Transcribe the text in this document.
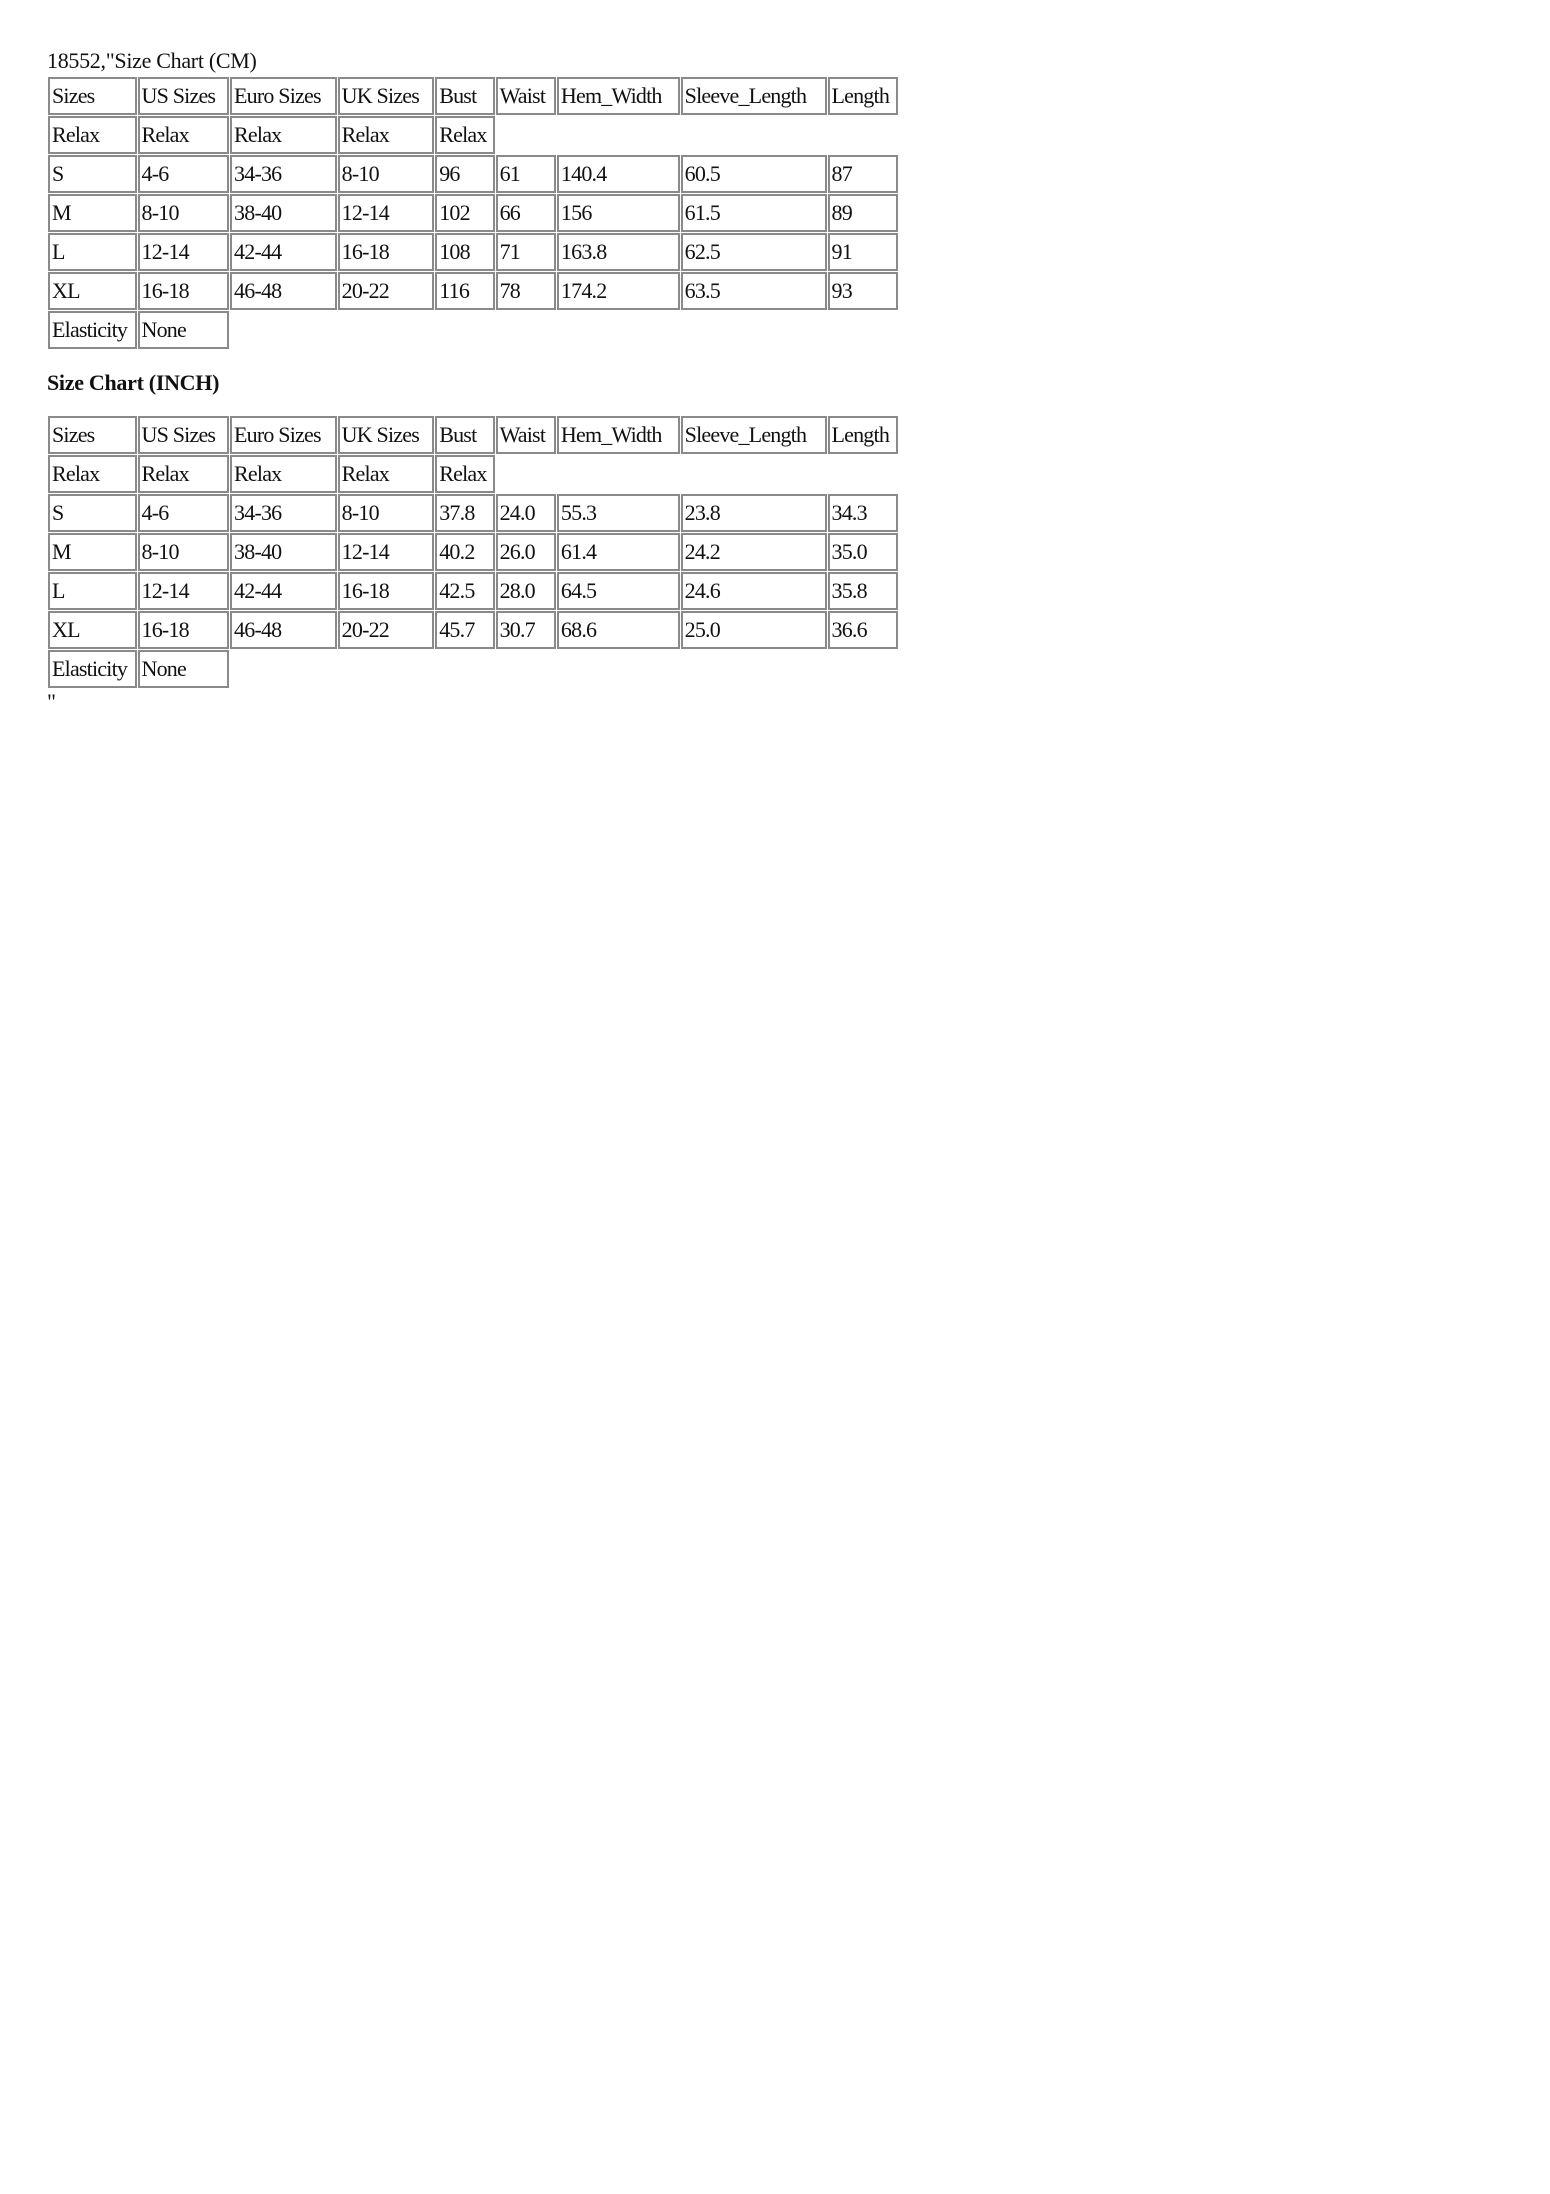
18552,"Size Chart (CM)
Sizes	US Sizes	Euro Sizes	UK Sizes	Bust	Waist	Hem_Width	Sleeve_Length	Length
Relax	Relax	Relax	Relax	Relax				
S	4-6	34-36	8-10	96	61	140.4	60.5	87
M	8-10	38-40	12-14	102	66	156	61.5	89
L	12-14	42-44	16-18	108	71	163.8	62.5	91
XL	16-18	46-48	20-22	116	78	174.2	63.5	93
Elasticity	None							
Size Chart (INCH)
Sizes	US Sizes	Euro Sizes	UK Sizes	Bust	Waist	Hem_Width	Sleeve_Length	Length
Relax	Relax	Relax	Relax	Relax				
S	4-6	34-36	8-10	37.8	24.0	55.3	23.8	34.3
M	8-10	38-40	12-14	40.2	26.0	61.4	24.2	35.0
L	12-14	42-44	16-18	42.5	28.0	64.5	24.6	35.8
XL	16-18	46-48	20-22	45.7	30.7	68.6	25.0	36.6
Elasticity	None							
"
